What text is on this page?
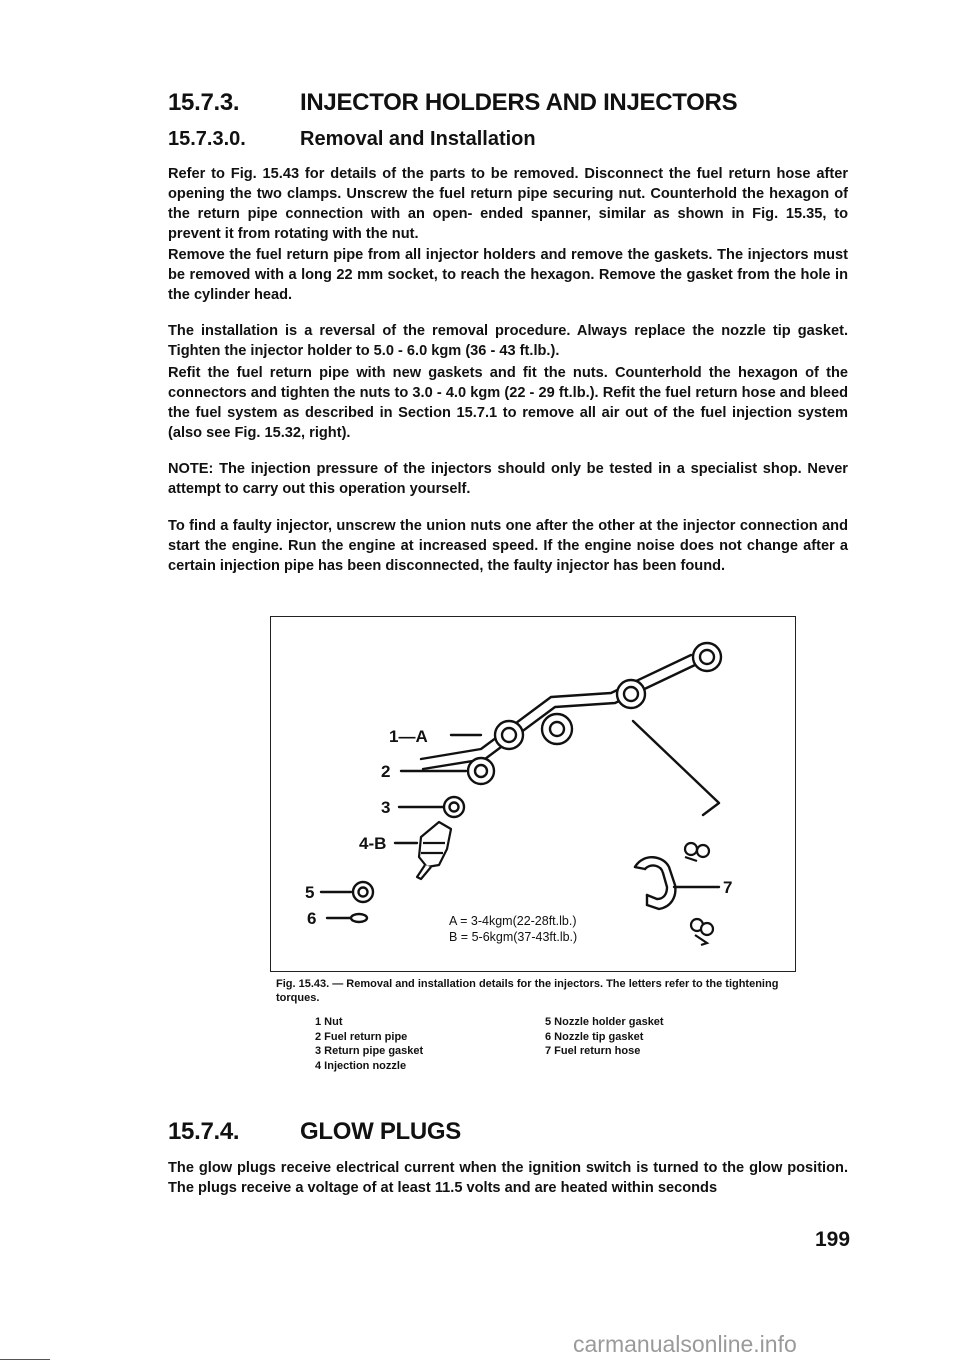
15.7.3.	INJECTOR HOLDERS AND INJECTORS
15.7.3.0.	Removal and Installation

Refer to Fig. 15.43 for details of the parts to be removed. Disconnect the fuel return hose after opening the two clamps. Unscrew the fuel return pipe securing nut. Counterhold the hexagon of the return pipe connection with an open- ended spanner, similar as shown in Fig. 15.35, to prevent it from rotating with the nut.

Remove the fuel return pipe from all injector holders and remove the gaskets. The injectors must be removed with a long 22 mm socket, to reach the hexagon. Remove the gasket from the hole in the cylinder head.

The installation is a reversal of the removal procedure. Always replace the nozzle tip gasket. Tighten the injector holder to 5.0 - 6.0 kgm (36 - 43 ft.lb.).

Refit the fuel return pipe with new gaskets and fit the nuts. Counterhold the hexagon of the connectors and tighten the nuts to 3.0 - 4.0 kgm (22 - 29 ft.lb.). Refit the fuel return hose and bleed the fuel system as described in Section 15.7.1 to remove all air out of the fuel injection system (also see Fig. 15.32, right).

NOTE: The injection pressure of the injectors should only be tested in a specialist shop. Never attempt to carry out this operation yourself.

To find a faulty injector, unscrew the union nuts one after the other at the injector connection and start the engine. Run the engine at increased speed. If the engine noise does not change after a certain injection pipe has been disconnected, the faulty injector has been found.

1—A
2
3
4-B
5
6
7
A = 3-4kgm(22-28ft.lb.)
B = 5-6kgm(37-43ft.lb.)

Fig. 15.43. — Removal and installation details for the injectors. The letters refer to the tightening torques.

1 Nut
2 Fuel return pipe
3 Return pipe gasket
4 Injection nozzle
5 Nozzle holder gasket
6 Nozzle tip gasket
7 Fuel return hose
15.7.4.	GLOW PLUGS

The glow plugs receive electrical current when the ignition switch is turned to the glow position. The plugs receive a voltage of at least 11.5 volts and are heated within seconds

199
carmanualsonline.info
